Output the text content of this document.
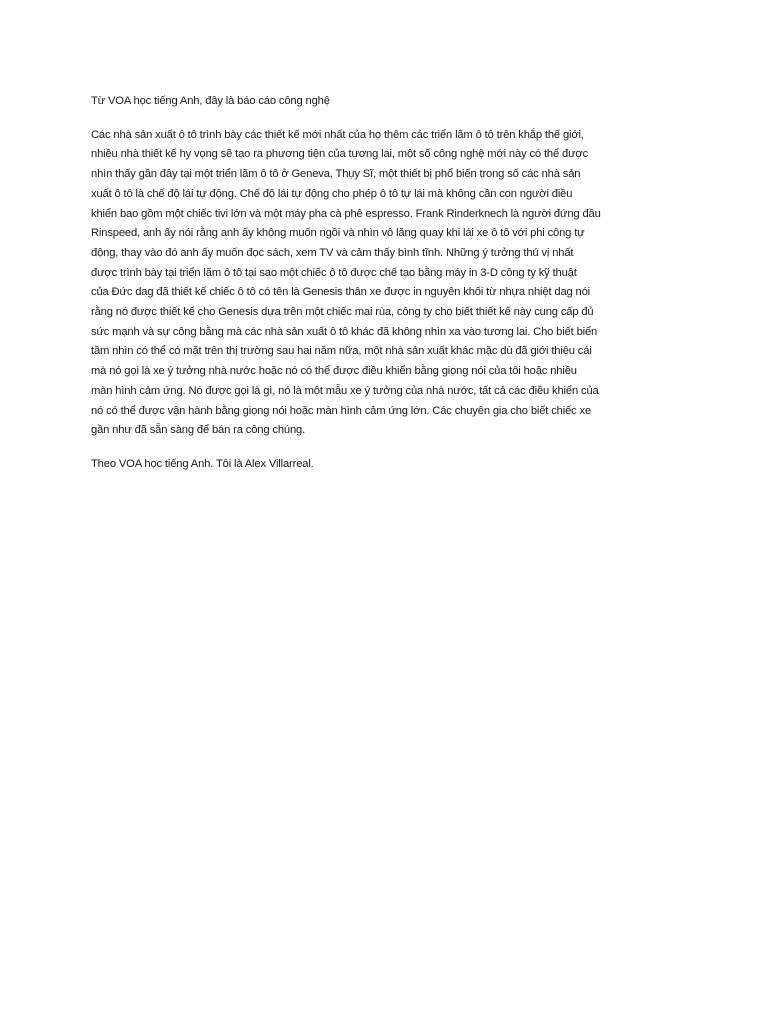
Từ VOA học tiếng Anh, đây là báo cáo công nghệ

Các nhà sản xuất ô tô trình bày các thiết kế mới nhất của họ thêm các triển lãm ô tô trên khắp thế giới,
nhiều nhà thiết kế hy vọng sẽ tạo ra phương tiện của tương lai, một số công nghệ mới này có thể được
nhìn thấy gần đây tại một triển lãm ô tô ở Geneva, Thụy Sĩ, một thiết bị phổ biến trong số các nhà sản
xuất ô tô là chế độ lái tự động. Chế độ lái tự động cho phép ô tô tự lái mà không cần con người điều
khiển bao gồm một chiếc tivi lớn và một máy pha cà phê espresso. Frank Rinderknech là người đứng đầu
Rinspeed, anh ấy nói rằng anh ấy không muốn ngồi và nhìn vô lăng quay khi lái xe ô tô với phi công tự
động, thay vào đó anh ấy muốn đọc sách, xem TV và cảm thấy bình tĩnh. Những ý tưởng thú vị nhất
được trình bày tại triển lãm ô tô tại sao một chiếc ô tô được chế tạo bằng máy in 3-D công ty kỹ thuật
của Đức dag đã thiết kế chiếc ô tô có tên là Genesis thân xe được in nguyên khối từ nhựa nhiệt dag nói
rằng nó được thiết kế cho Genesis dựa trên một chiếc mai rùa, công ty cho biết thiết kế này cung cấp đủ
sức mạnh và sự công bằng mà các nhà sản xuất ô tô khác đã không nhìn xa vào tương lai. Cho biết biển
tầm nhìn có thể có mặt trên thị trường sau hai năm nữa, một nhà sản xuất khác mặc dù đã giới thiệu cái
mà nó gọi là xe ý tưởng nhà nước hoặc nó có thể được điều khiển bằng giọng nói của tôi hoặc nhiều
màn hình cảm ứng. Nó được gọi là gì, nó là một mẫu xe ý tưởng của nhà nước, tất cả các điều khiển của
nó có thể được vận hành bằng giọng nói hoặc màn hình cảm ứng lớn. Các chuyên gia cho biết chiếc xe
gần như đã sẵn sàng để bán ra công chúng.

Theo VOA học tiếng Anh. Tôi là Alex Villarreal.
